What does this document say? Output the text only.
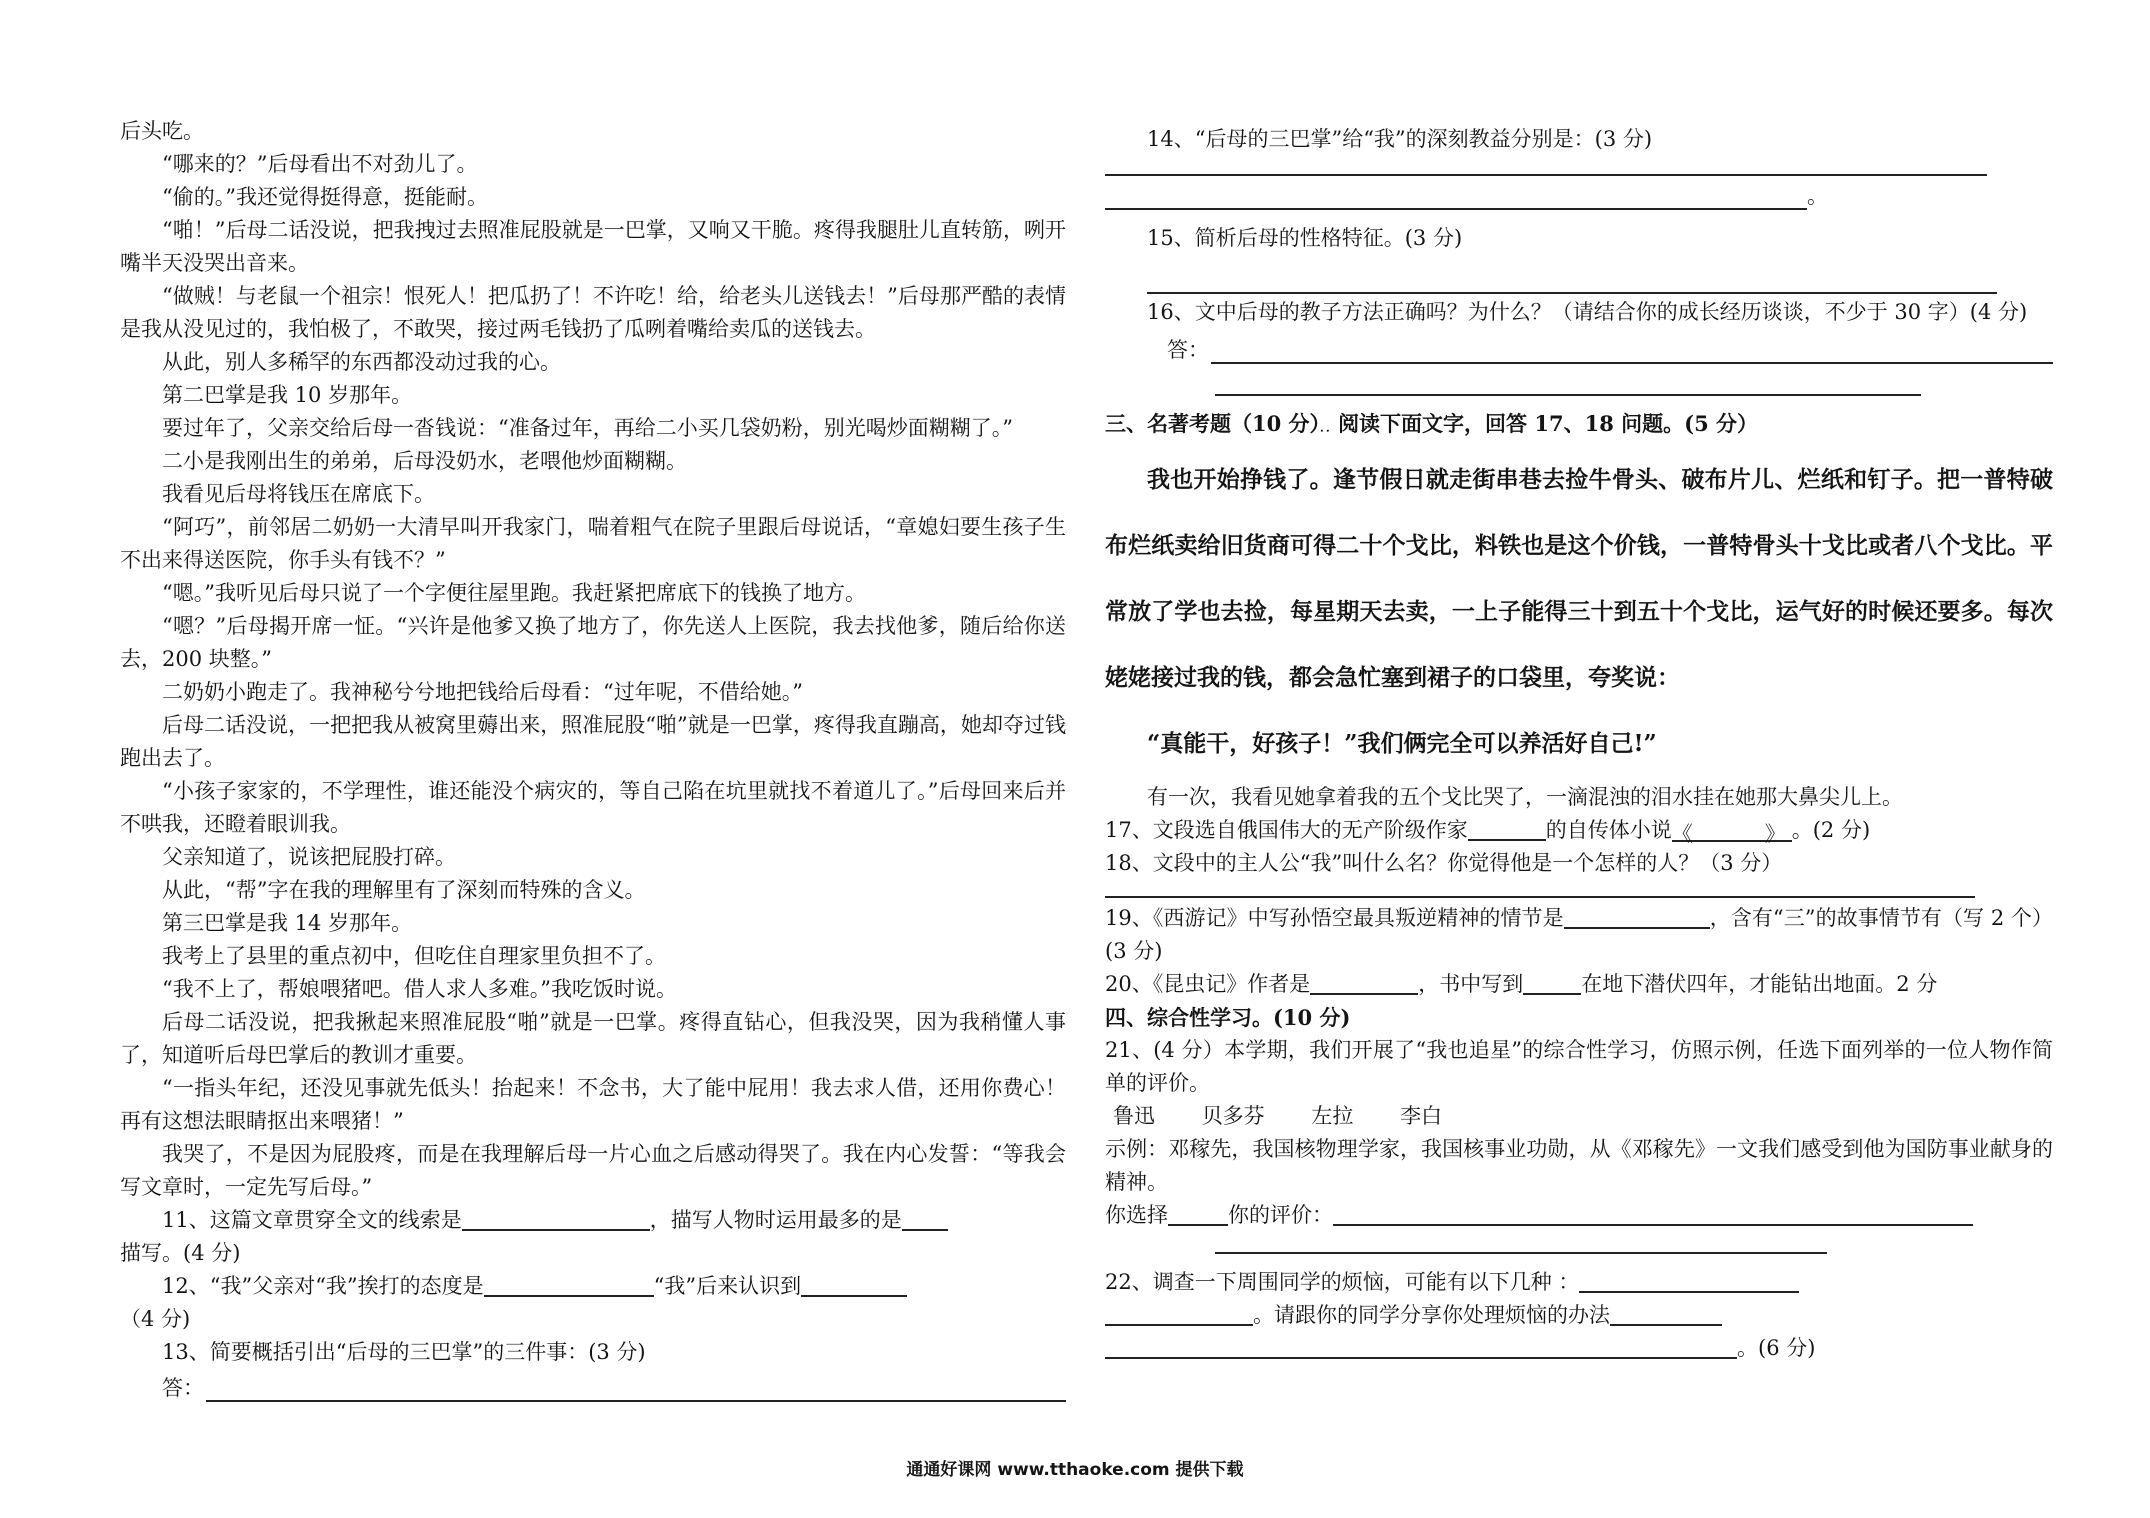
后头吃。

“哪来的？”后母看出不对劲儿了。

“偷的。”我还觉得挺得意，挺能耐。

“啪！”后母二话没说，把我拽过去照准屁股就是一巴掌，又响又干脆。疼得我腿肚儿直转筋，咧开嘴半天没哭出音来。

“做贼！与老鼠一个祖宗！恨死人！把瓜扔了！不许吃！给，给老头儿送钱去！”后母那严酷的表情是我从没见过的，我怕极了，不敢哭，接过两毛钱扔了瓜咧着嘴给卖瓜的送钱去。

从此，别人多稀罕的东西都没动过我的心。

第二巴掌是我 10 岁那年。

要过年了，父亲交给后母一沓钱说：“准备过年，再给二小买几袋奶粉，别光喝炒面糊糊了。”

二小是我刚出生的弟弟，后母没奶水，老喂他炒面糊糊。

我看见后母将钱压在席底下。

“阿巧”，前邻居二奶奶一大清早叫开我家门，喘着粗气在院子里跟后母说话，“章媳妇要生孩子生不出来得送医院，你手头有钱不？”

“嗯。”我听见后母只说了一个字便往屋里跑。我赶紧把席底下的钱换了地方。

“嗯？”后母揭开席一怔。“兴许是他爹又换了地方了，你先送人上医院，我去找他爹，随后给你送去，200 块整。”

二奶奶小跑走了。我神秘兮兮地把钱给后母看：“过年呢，不借给她。”

后母二话没说，一把把我从被窝里薅出来，照准屁股“啪”就是一巴掌，疼得我直蹦高，她却夺过钱跑出去了。

“小孩子家家的，不学理性，谁还能没个病灾的，等自己陷在坑里就找不着道儿了。”后母回来后并不哄我，还瞪着眼训我。

父亲知道了，说该把屁股打碎。

从此，“帮”字在我的理解里有了深刻而特殊的含义。

第三巴掌是我 14 岁那年。

我考上了县里的重点初中，但吃住自理家里负担不了。

“我不上了，帮娘喂猪吧。借人求人多难。”我吃饭时说。

后母二话没说，把我揪起来照准屁股“啪”就是一巴掌。疼得直钻心，但我没哭，因为我稍懂人事了，知道听后母巴掌后的教训才重要。

“一指头年纪，还没见事就先低头！抬起来！不念书，大了能中屁用！我去求人借，还用你费心！再有这想法眼睛抠出来喂猪！”

我哭了，不是因为屁股疼，而是在我理解后母一片心血之后感动得哭了。我在内心发誓：“等我会写文章时，一定先写后母。”

11、这篇文章贯穿全文的线索是	，描写人物时运用最多的是

描写。(4 分)

12、“我”父亲对“我”挨打的态度是	“我”后来认识到

（4 分)

13、简要概括引出“后母的三巴掌”的三件事：(3 分)

答：

14、“后母的三巴掌”给“我”的深刻教益分别是：(3 分)

。

15、简析后母的性格特征。(3 分)

16、文中后母的教子方法正确吗？为什么？（请结合你的成长经历谈谈，不少于 30 字）(4 分)

答：

三、名著考题（10 分）．．阅读下面文字，回答 17、18 问题。(5 分）

我也开始挣钱了。逢节假日就走街串巷去捡牛骨头、破布片儿、烂纸和钉子。把一普特破布烂纸卖给旧货商可得二十个戈比，料铁也是这个价钱，一普特骨头十戈比或者八个戈比。平常放了学也去捡，每星期天去卖，一上子能得三十到五十个戈比，运气好的时候还要多。每次姥姥接过我的钱，都会急忙塞到裙子的口袋里，夸奖说：

“真能干，好孩子！”我们俩完全可以养活好自己!”

有一次，我看见她拿着我的五个戈比哭了，一滴混浊的泪水挂在她那大鼻尖儿上。

17、文段选自俄国伟大的无产阶级作家	的自传体小说《	》 。(2 分)

18、文段中的主人公“我”叫什么名？你觉得他是一个怎样的人？（3 分）

19、《西游记》中写孙悟空最具叛逆精神的情节是	，含有“三”的故事情节有（写 2 个）(3 分)

20、《昆虫记》作者是	，书中写到	在地下潜伏四年，才能钻出地面。2 分

四、综合性学习。(10 分)

21、(4 分）本学期，我们开展了“我也追星”的综合性学习，仿照示例，任选下面列举的一位人物作简单的评价。

鲁迅 贝多芬 左拉 李白

示例：邓稼先，我国核物理学家，我国核事业功勋，从《邓稼先》一文我们感受到他为国防事业献身的精神。

你选择	你的评价：

22、调查一下周围同学的烦恼，可能有以下几种 ：

。请跟你的同学分享你处理烦恼的办法

。(6 分)

通通好课网 www.tthaoke.com 提供下载
